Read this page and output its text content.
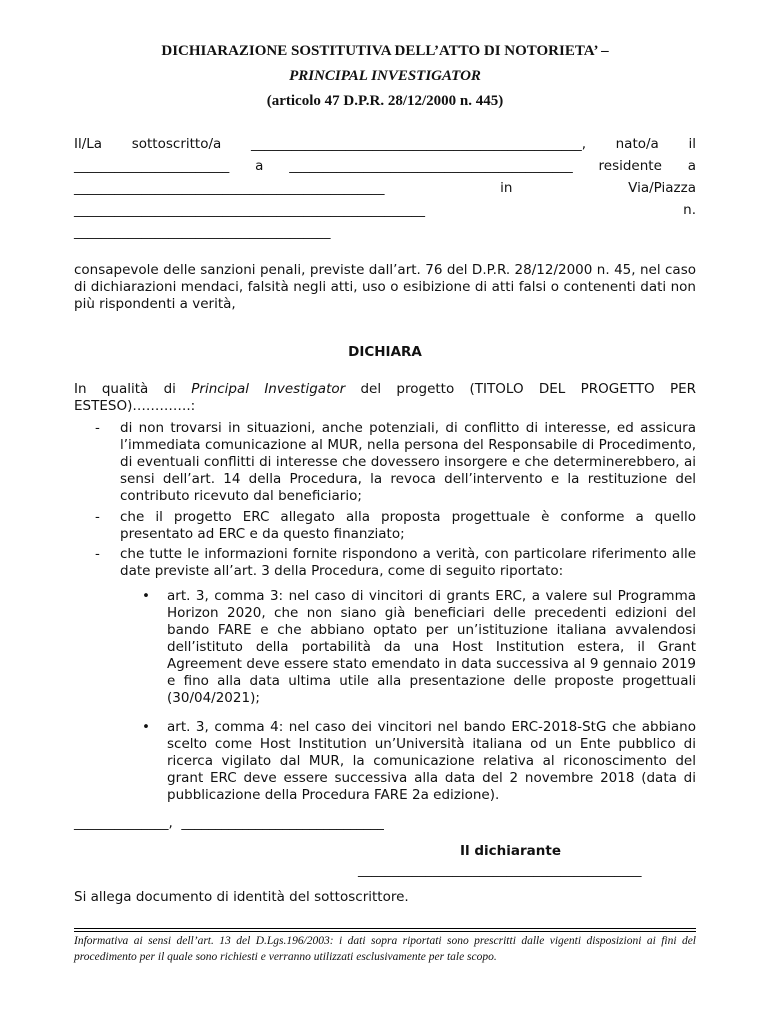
DICHIARAZIONE SOSTITUTIVA DELL’ATTO DI NOTORIETA’ –
PRINCIPAL INVESTIGATOR
(articolo 47 D.P.R. 28/12/2000 n. 445)
Il/La sottoscritto/a _________________________________________________, nato/a il
_______________________ a __________________________________________ residente a
______________________________________________	in	Via/Piazza
____________________________________________________	n.
______________________________________
consapevole delle sanzioni penali, previste dall’art. 76 del D.P.R. 28/12/2000 n. 45, nel caso di dichiarazioni mendaci, falsità negli atti, uso o esibizione di atti falsi o contenenti dati non più rispondenti a verità,
DICHIARA
In qualità di Principal Investigator del progetto (TITOLO DEL PROGETTO PER ESTESO)………….:
- di non trovarsi in situazioni, anche potenziali, di conflitto di interesse, ed assicura l’immediata comunicazione al MUR, nella persona del Responsabile di Procedimento, di eventuali conflitti di interesse che dovessero insorgere e che determinerebbero, ai sensi dell’art. 14 della Procedura, la revoca dell’intervento e la restituzione del contributo ricevuto dal beneficiario;
- che il progetto ERC allegato alla proposta progettuale è conforme a quello presentato ad ERC e da questo finanziato;
- che tutte le informazioni fornite rispondono a verità, con particolare riferimento alle date previste all’art. 3 della Procedura, come di seguito riportato:
• art. 3, comma 3: nel caso di vincitori di grants ERC, a valere sul Programma Horizon 2020, che non siano già beneficiari delle precedenti edizioni del bando FARE e che abbiano optato per un’istituzione italiana avvalendosi dell’istituto della portabilità da una Host Institution estera, il Grant Agreement deve essere stato emendato in data successiva al 9 gennaio 2019 e fino alla data ultima utile alla presentazione delle proposte progettuali (30/04/2021);
• art. 3, comma 4: nel caso dei vincitori nel bando ERC-2018-StG che abbiano scelto come Host Institution un’Università italiana od un Ente pubblico di ricerca vigilato dal MUR, la comunicazione relativa al riconoscimento del grant ERC deve essere successiva alla data del 2 novembre 2018 (data di pubblicazione della Procedura FARE 2a edizione).
______________,  ______________________________
Il dichiarante
__________________________________________
Si allega documento di identità del sottoscrittore.
Informativa ai sensi dell’art. 13 del D.Lgs.196/2003: i dati sopra riportati sono prescritti dalle vigenti disposizioni ai fini del procedimento per il quale sono richiesti e verranno utilizzati esclusivamente per tale scopo.
